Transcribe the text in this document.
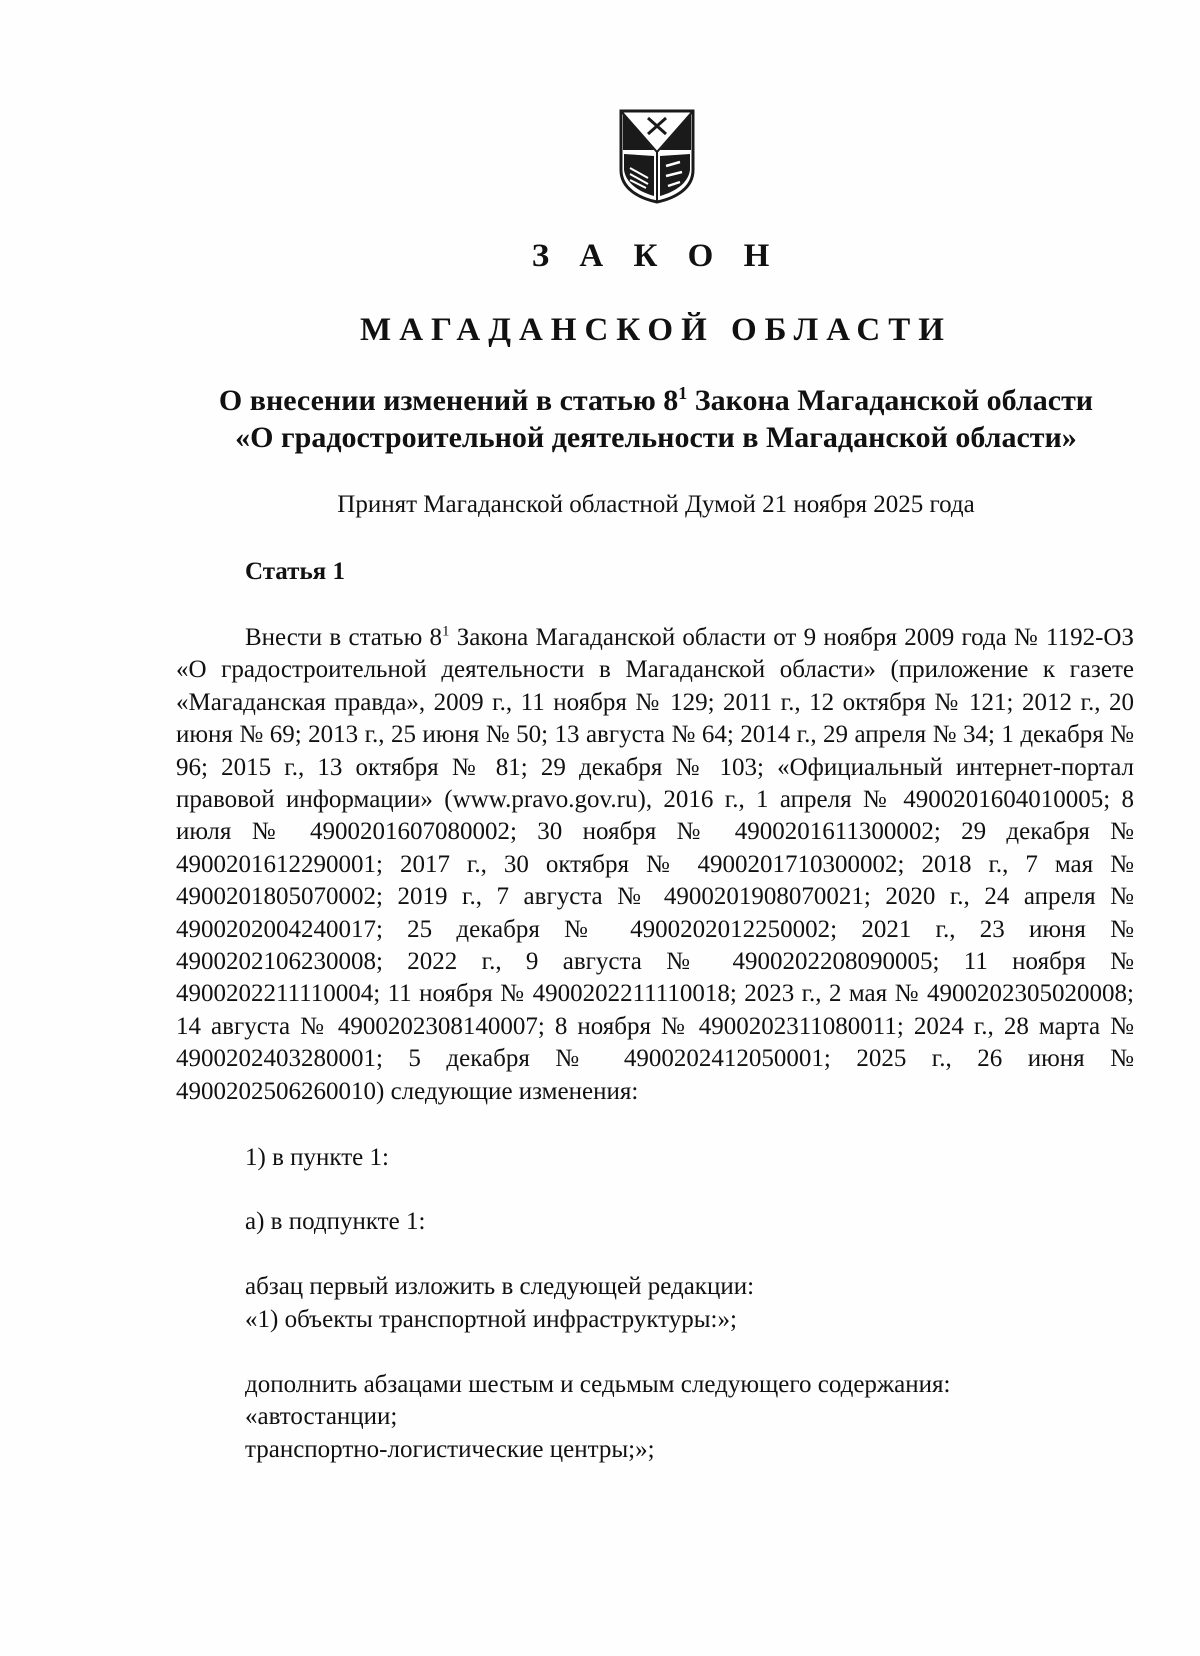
З А К О Н
МАГАДАНСКОЙ ОБЛАСТИ
О внесении изменений в статью $8^1$ Закона Магаданской области
«О градостроительной деятельности в Магаданской области»

Принят Магаданской областной Думой 21 ноября 2025 года

Статья 1

Внести в статью $8^1$ Закона Магаданской области от 9 ноября 2009 года № 1192-ОЗ «О градостроительной деятельности в Магаданской области» (приложение к газете «Магаданская правда», 2009 г., 11 ноября № 129; 2011 г., 12 октября № 121; 2012 г., 20 июня № 69; 2013 г., 25 июня № 50; 13 августа № 64; 2014 г., 29 апреля № 34; 1 декабря № 96; 2015 г., 13 октября № 81; 29 декабря № 103; «Официальный интернет-портал правовой информации» (www.pravo.gov.ru), 2016 г., 1 апреля № 4900201604010005; 8 июля № 4900201607080002; 30 ноября № 4900201611300002; 29 декабря № 4900201612290001; 2017 г., 30 октября № 4900201710300002; 2018 г., 7 мая № 4900201805070002; 2019 г., 7 августа № 4900201908070021; 2020 г., 24 апреля № 4900202004240017; 25 декабря № 4900202012250002; 2021 г., 23 июня № 4900202106230008; 2022 г., 9 августа № 4900202208090005; 11 ноября № 4900202211110004; 11 ноября № 4900202211110018; 2023 г., 2 мая № 4900202305020008; 14 августа № 4900202308140007; 8 ноября № 4900202311080011; 2024 г., 28 марта № 4900202403280001; 5 декабря № 4900202412050001; 2025 г., 26 июня № 4900202506260010) следующие изменения:

1) в пункте 1:

а) в подпункте 1:

абзац первый изложить в следующей редакции:

«1) объекты транспортной инфраструктуры:»;

дополнить абзацами шестым и седьмым следующего содержания:

«автостанции;

транспортно-логистические центры;»;
